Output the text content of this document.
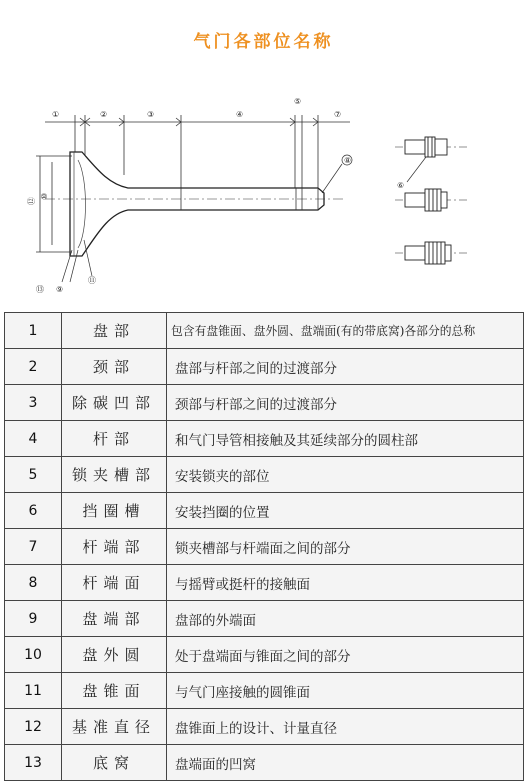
气门各部位名称
①	②	③	④
⑤
⑦
⑫
⑩
⑧
⑪
⑬ ⑨
⑥
1	盘部	包含有盘锥面、盘外圆、盘端面(有的带底窝)各部分的总称
2	颈部	盘部与杆部之间的过渡部分
3	除碳凹部	颈部与杆部之间的过渡部分
4	杆部	和气门导管相接触及其延续部分的圆柱部
5	锁夹槽部	安装锁夹的部位
6	挡圈槽	安装挡圈的位置
7	杆端部	锁夹槽部与杆端面之间的部分
8	杆端面	与摇臂或挺杆的接触面
9	盘端部	盘部的外端面
10	盘外圆	处于盘端面与锥面之间的部分
11	盘锥面	与气门座接触的圆锥面
12	基准直径	盘锥面上的设计、计量直径
13	底窝	盘端面的凹窝
